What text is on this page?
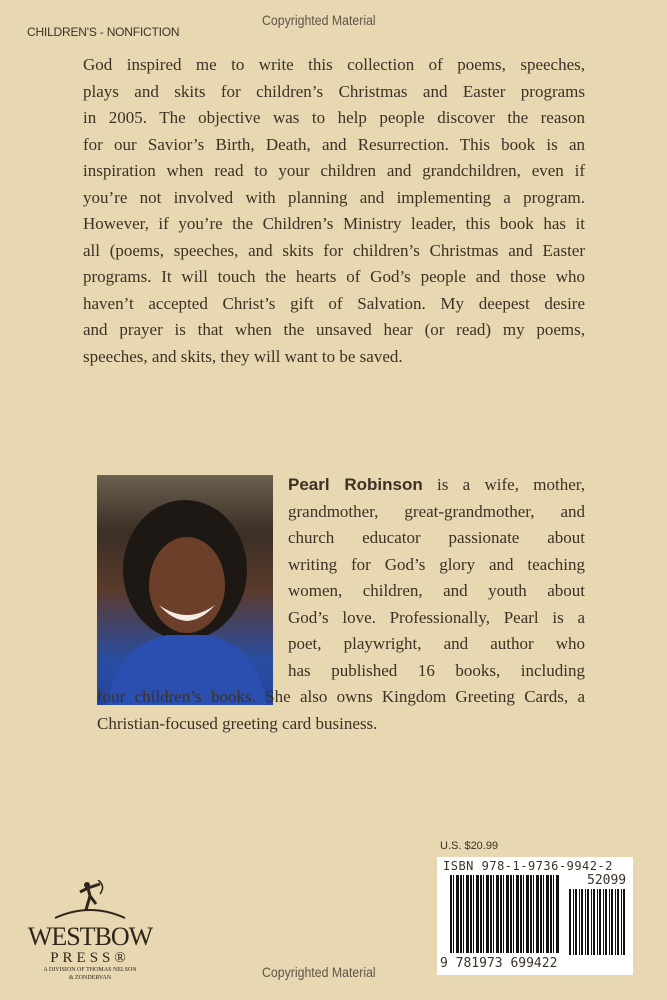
CHILDREN'S - NONFICTION
Copyrighted Material
God inspired me to write this collection of poems, speeches,
plays and skits for children’s Christmas and Easter programs
in 2005. The objective was to help people discover the reason
for our Savior’s Birth, Death, and Resurrection. This book is an
inspiration when read to your children and grandchildren, even if
you’re not involved with planning and implementing a program.
However, if you’re the Children’s Ministry leader, this book has it
all (poems, speeches, and skits for children’s Christmas and Easter
programs. It will touch the hearts of God’s people and those who
haven’t accepted Christ’s gift of Salvation. My deepest desire
and prayer is that when the unsaved hear (or read) my poems,
speeches, and skits, they will want to be saved.
Pearl Robinson is a wife, mother,
grandmother, great-grandmother, and
church educator passionate about
writing for God’s glory and teaching
women, children, and youth about
God’s love. Professionally, Pearl is a
poet, playwright, and author who
has published 16 books, including
four children’s books. She also owns Kingdom Greeting Cards, a
Christian-focused greeting card business.
WESTBOW
PRESS®
A DIVISION OF THOMAS NELSON
& ZONDERVAN	Copyrighted Material
U.S. $20.99
ISBN 978-1-9736-9942-2
52099
9 781973 699422
